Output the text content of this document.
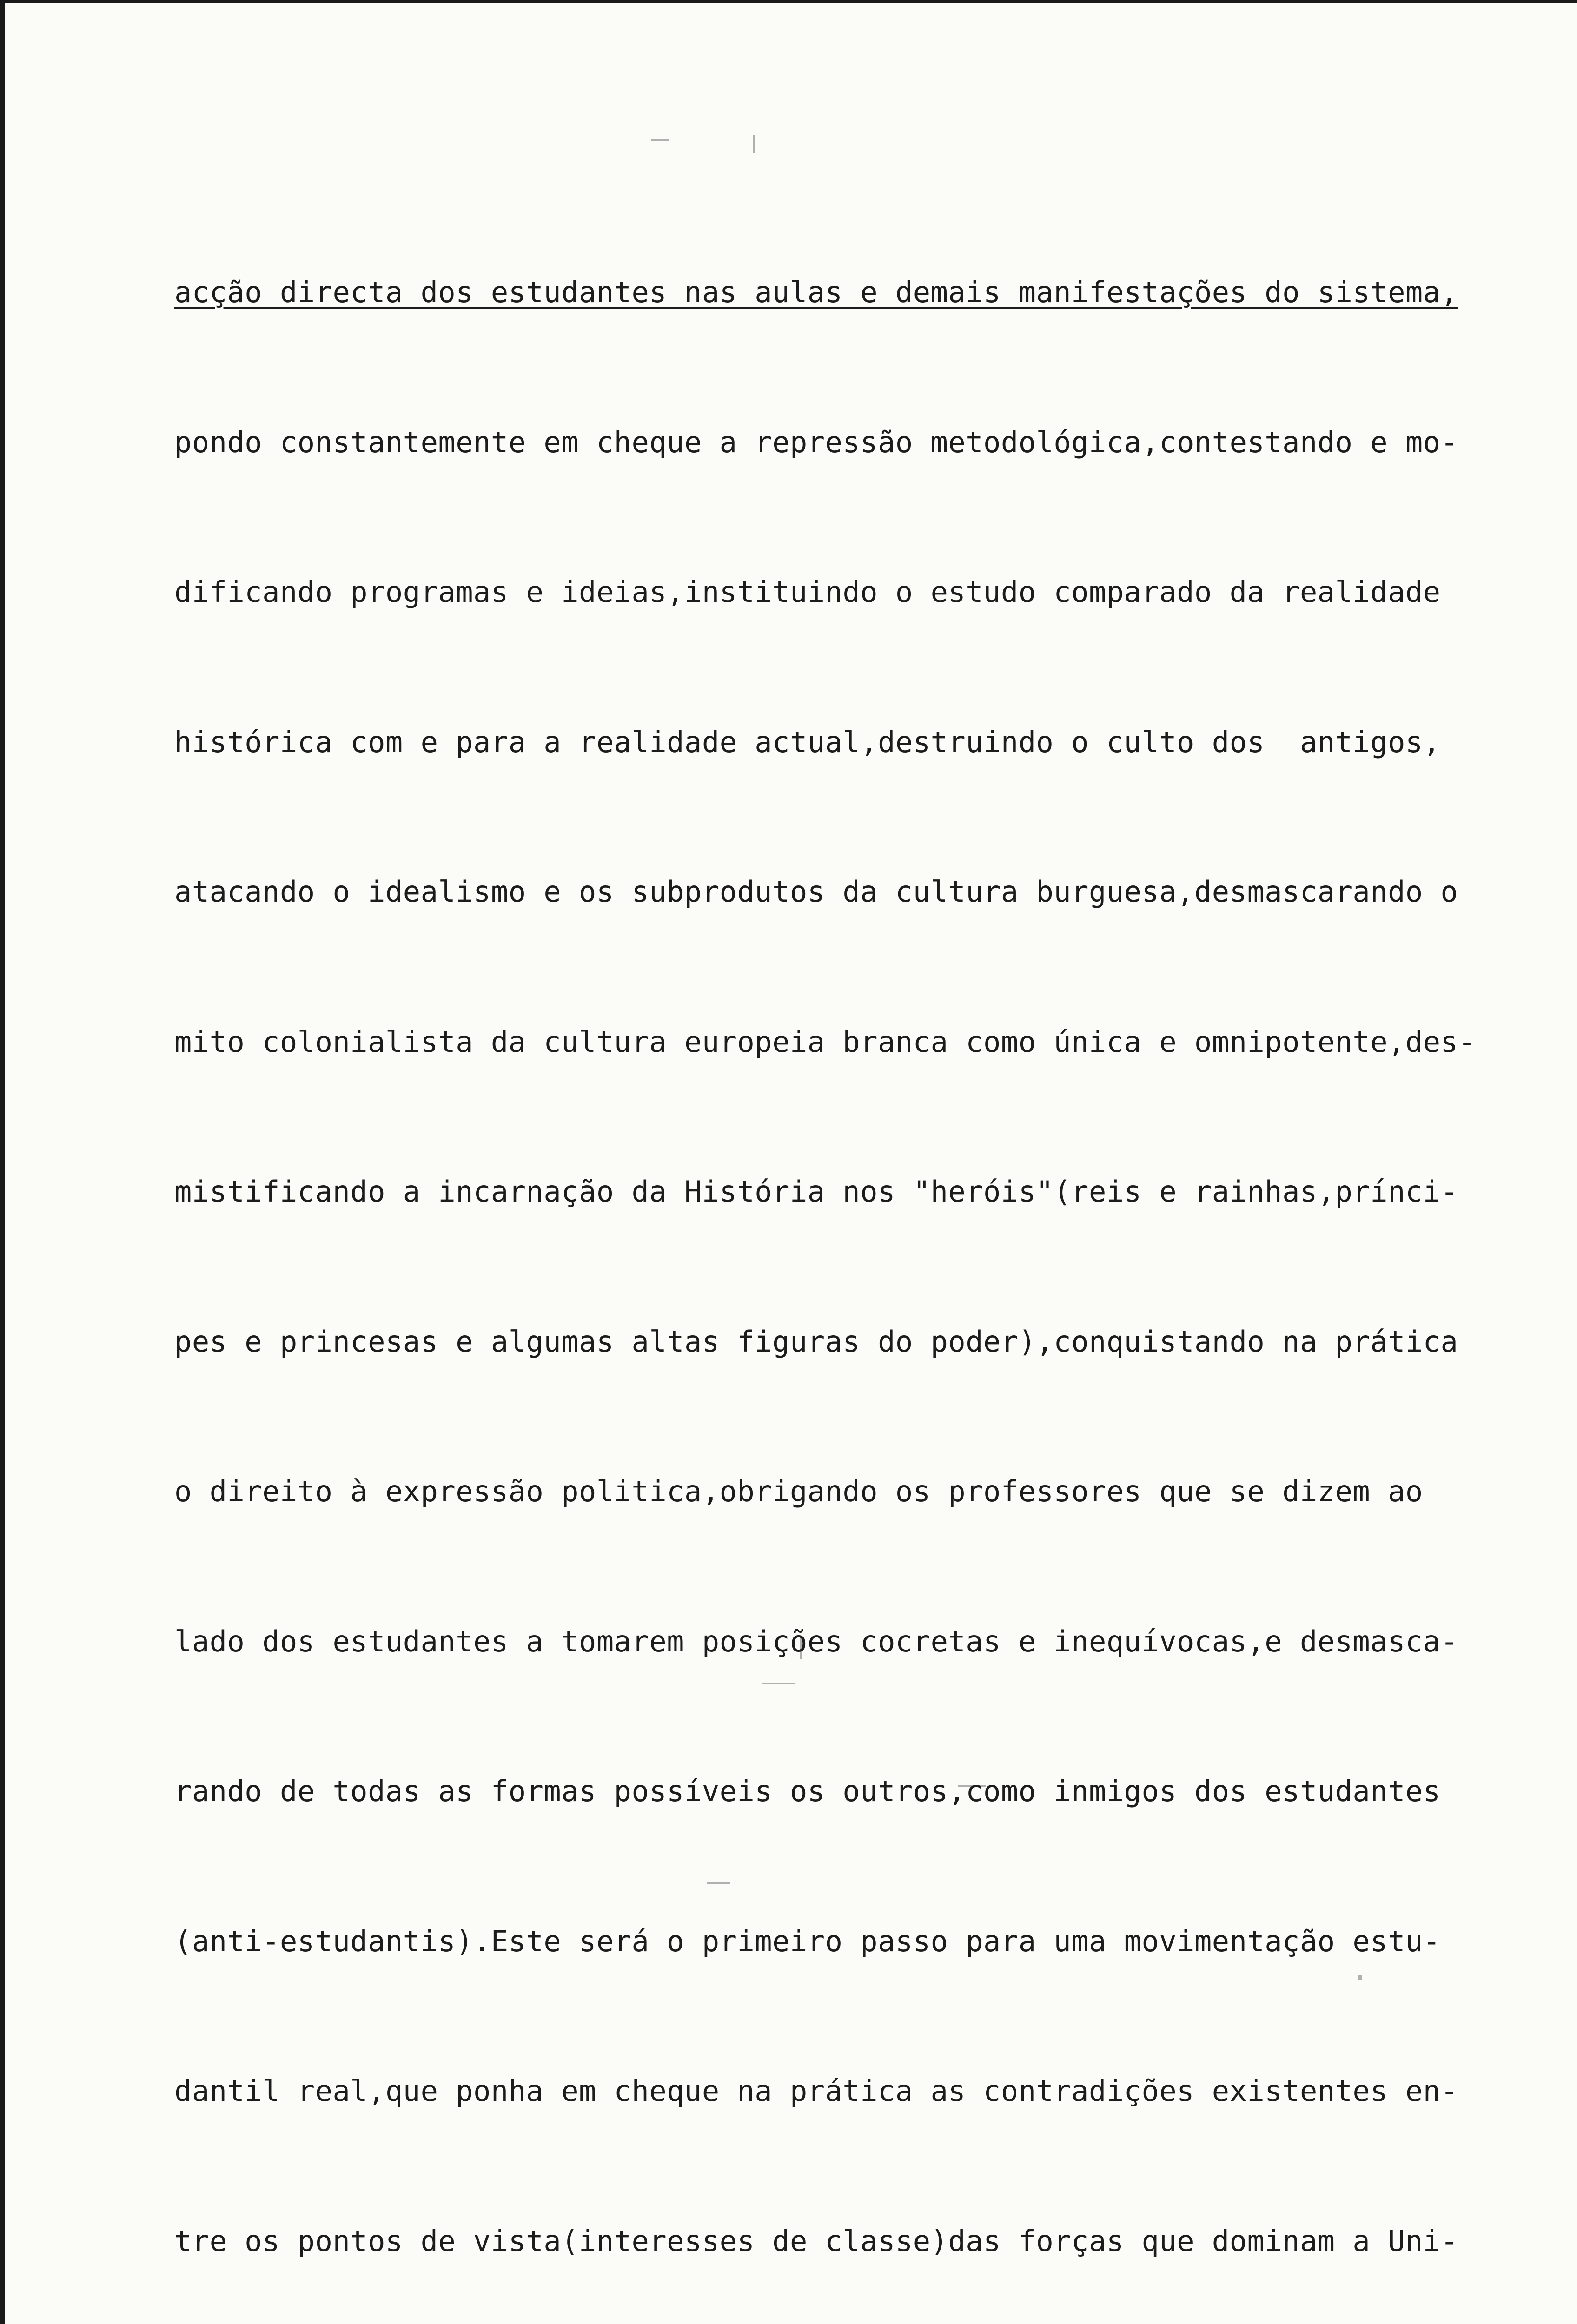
acção directa dos estudantes nas aulas e demais manifestações do sistema,

pondo constantemente em cheque a repressão metodológica,contestando e mo-

dificando programas e ideias,instituindo o estudo comparado da realidade

histórica com e para a realidade actual,destruindo o culto dos  antigos,

atacando o idealismo e os subprodutos da cultura burguesa,desmascarando o

mito colonialista da cultura europeia branca como única e omnipotente,des-

mistificando a incarnação da História nos "heróis"(reis e rainhas,prínci-

pes e princesas e algumas altas figuras do poder),conquistando na prática

o direito à expressão politica,obrigando os professores que se dizem ao

lado dos estudantes a tomarem posições cocretas e inequívocas,e desmasca-

rando de todas as formas possíveis os outros,como inmigos dos estudantes

(anti-estudantis).Este será o primeiro passo para uma movimentação estu-

dantil real,que ponha em cheque na prática as contradições existentes en-

tre os pontos de vista(interesses de classe)das forças que dominam a Uni-
